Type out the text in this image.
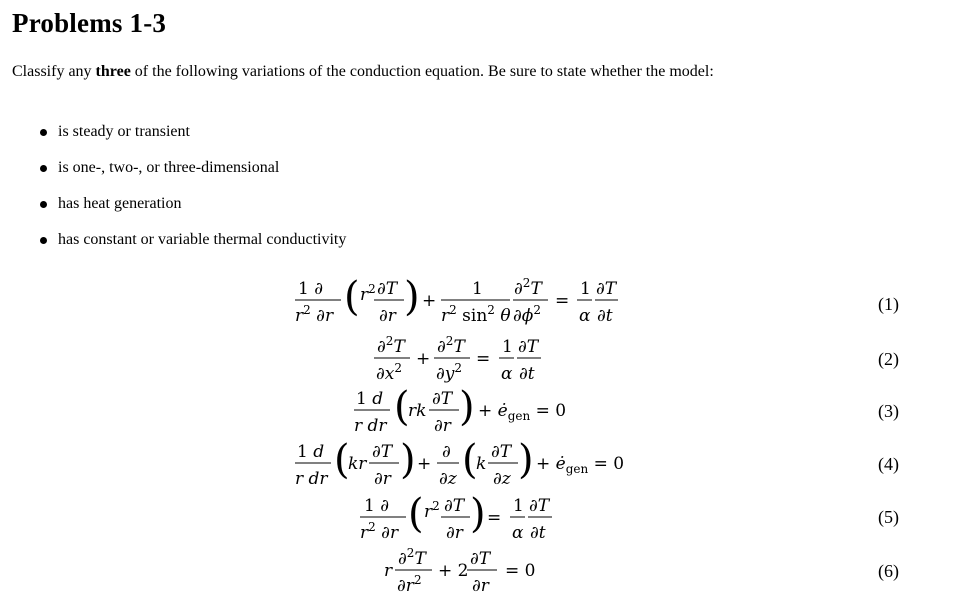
Problems 1-3
Classify any three of the following variations of the conduction equation. Be sure to state whether the model:
is steady or transient
is one-, two-, or three-dimensional
has heat generation
has constant or variable thermal conductivity
1 ∂
$r^2$ ∂r ( $r^2$ ∂T
∂r ) +
1
$r^2$ $\sin^2 \theta$
∂$^2$T
$\partial\phi^2$ =
1
α
∂T
∂t
∂$^2$T
$\partial x^2$ +
∂$^2$T
$\partial y^2$ =
1
α
∂T
∂t
1 d
r dr (
rk
∂T
∂r ) + $ė_{gen} = 0$
1 d
r dr (
kr
∂T
∂r ) +
∂
∂z (
k
∂T
∂z ) + $ė_{gen} = 0$
1 ∂
$r^2$ ∂r ( $r^2$ ∂T
∂r ) =
1
α
∂T
∂t
r
∂$^2$T
$\partial r^2 + 2$
∂T
∂r
= 0
(1)
(2)
(3)
(4)
(5)
(6)
